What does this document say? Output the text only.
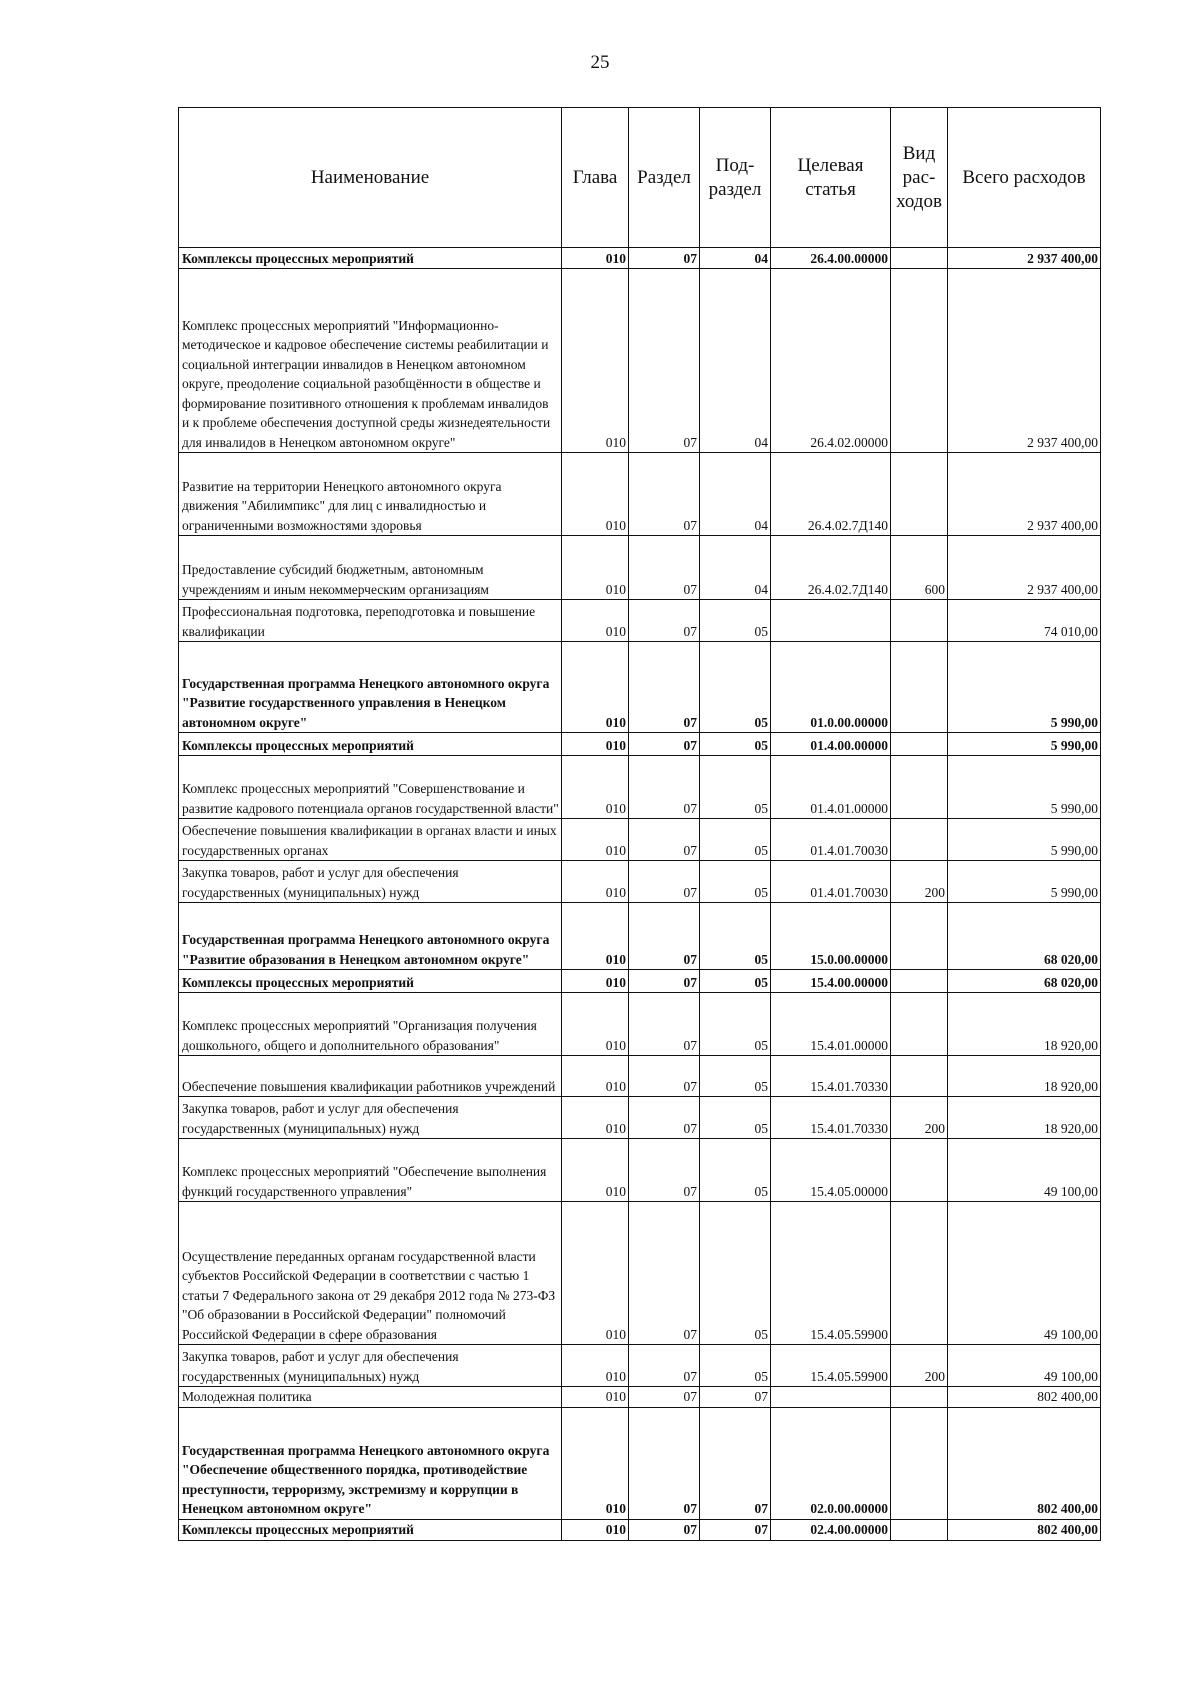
25
Наименование	Глава	Раздел	Под-раздел	Целевая статья	Вид рас-ходов	Всего расходов
Комплексы процессных мероприятий	010	07	04	26.4.00.00000		2 937 400,00
Комплекс процессных мероприятий "Информационно-методическое и кадровое обеспечение системы реабилитации и социальной интеграции инвалидов в Ненецком автономном округе, преодоление социальной разобщённости в обществе и формирование позитивного отношения к проблемам инвалидов и к проблеме обеспечения доступной среды жизнедеятельности для инвалидов в Ненецком автономном округе"	010	07	04	26.4.02.00000		2 937 400,00
Развитие на территории Ненецкого автономного округа движения "Абилимпикс" для лиц с инвалидностью и ограниченными возможностями здоровья	010	07	04	26.4.02.7Д140		2 937 400,00
Предоставление субсидий бюджетным, автономным учреждениям и иным некоммерческим организациям	010	07	04	26.4.02.7Д140	600	2 937 400,00
Профессиональная подготовка, переподготовка и повышение квалификации	010	07	05			74 010,00
Государственная программа Ненецкого автономного округа "Развитие государственного управления в Ненецком автономном округе"	010	07	05	01.0.00.00000		5 990,00
Комплексы процессных мероприятий	010	07	05	01.4.00.00000		5 990,00
Комплекс процессных мероприятий "Совершенствование и развитие кадрового потенциала органов государственной власти"	010	07	05	01.4.01.00000		5 990,00
Обеспечение повышения квалификации в органах власти и иных государственных органах	010	07	05	01.4.01.70030		5 990,00
Закупка товаров, работ и услуг для обеспечения государственных (муниципальных) нужд	010	07	05	01.4.01.70030	200	5 990,00
Государственная программа Ненецкого автономного округа "Развитие образования в Ненецком автономном округе"	010	07	05	15.0.00.00000		68 020,00
Комплексы процессных мероприятий	010	07	05	15.4.00.00000		68 020,00
Комплекс процессных мероприятий "Организация получения дошкольного, общего и дополнительного образования"	010	07	05	15.4.01.00000		18 920,00
Обеспечение повышения квалификации работников учреждений	010	07	05	15.4.01.70330		18 920,00
Закупка товаров, работ и услуг для обеспечения государственных (муниципальных) нужд	010	07	05	15.4.01.70330	200	18 920,00
Комплекс процессных мероприятий "Обеспечение выполнения функций государственного управления"	010	07	05	15.4.05.00000		49 100,00
Осуществление переданных органам государственной власти субъектов Российской Федерации в соответствии с частью 1 статьи 7 Федерального закона от 29 декабря 2012 года № 273-ФЗ "Об образовании в Российской Федерации" полномочий Российской Федерации в сфере образования	010	07	05	15.4.05.59900		49 100,00
Закупка товаров, работ и услуг для обеспечения государственных (муниципальных) нужд	010	07	05	15.4.05.59900	200	49 100,00
Молодежная политика	010	07	07			802 400,00
Государственная программа Ненецкого автономного округа "Обеспечение общественного порядка, противодействие преступности, терроризму, экстремизму и коррупции в Ненецком автономном округе"	010	07	07	02.0.00.00000		802 400,00
Комплексы процессных мероприятий	010	07	07	02.4.00.00000		802 400,00
